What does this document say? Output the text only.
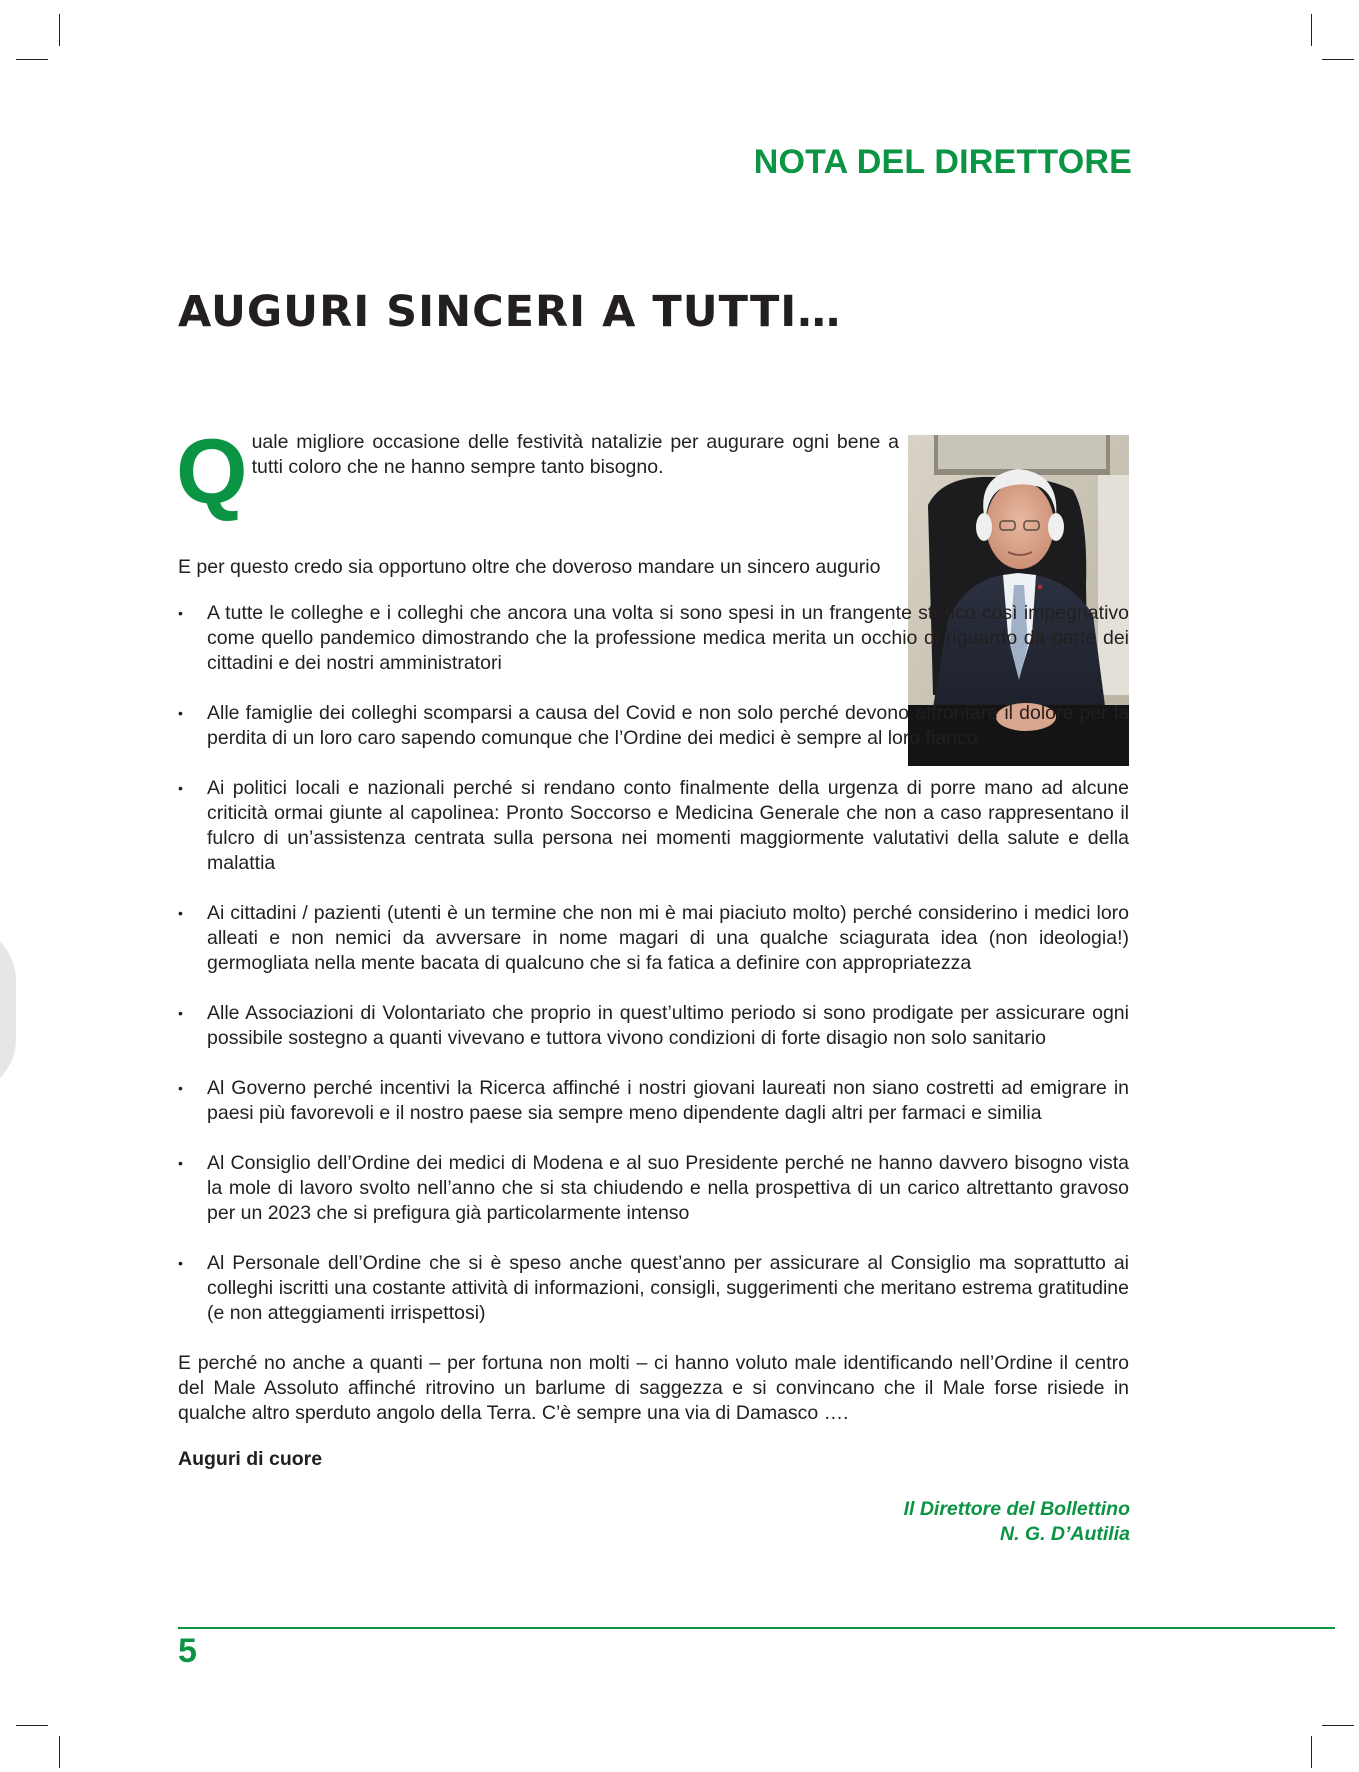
NOTA DEL DIRETTORE
AUGURI SINCERI A TUTTI…
Q uale migliore occasione delle festività natalizie per augurare ogni bene a tutti coloro che ne hanno sempre tanto bisogno.

E per questo credo sia opportuno oltre che doveroso mandare un sincero augurio

• A tutte le colleghe e i colleghi che ancora una volta si sono spesi in un frangente storico così impegnativo come quello pandemico dimostrando che la professione medica merita un occhio di riguardo da parte dei cittadini e dei nostri amministratori
• Alle famiglie dei colleghi scomparsi a causa del Covid e non solo perché devono affrontare il dolore per la perdita di un loro caro sapendo comunque che l’Ordine dei medici è sempre al loro fianco
• Ai politici locali e nazionali perché si rendano conto finalmente della urgenza di porre mano ad alcune criticità ormai giunte al capolinea: Pronto Soccorso e Medicina Generale che non a caso rappresentano il fulcro di un’assistenza centrata sulla persona nei momenti maggiormente valutativi della salute e della malattia
• Ai cittadini / pazienti (utenti è un termine che non mi è mai piaciuto molto) perché considerino i medici loro alleati e non nemici da avversare in nome magari di una qualche sciagurata idea (non ideologia!) germogliata nella mente bacata di qualcuno che si fa fatica a definire con appropriatezza
• Alle Associazioni di Volontariato che proprio in quest’ultimo periodo si sono prodigate per assicurare ogni possibile sostegno a quanti vivevano e tuttora vivono condizioni di forte disagio non solo sanitario
• Al Governo perché incentivi la Ricerca affinché i nostri giovani laureati non siano costretti ad emigrare in paesi più favorevoli e il nostro paese sia sempre meno dipendente dagli altri per farmaci e similia
• Al Consiglio dell’Ordine dei medici di Modena e al suo Presidente perché ne hanno davvero bisogno vista la mole di lavoro svolto nell’anno che si sta chiudendo e nella prospettiva di un carico altrettanto gravoso per un 2023 che si prefigura già particolarmente intenso
• Al Personale dell’Ordine che si è speso anche quest’anno per assicurare al Consiglio ma soprattutto ai colleghi iscritti una costante attività di informazioni, consigli, suggerimenti che meritano estrema gratitudine (e non atteggiamenti irrispettosi)

E perché no anche a quanti – per fortuna non molti – ci hanno voluto male identificando nell’Ordine il centro del Male Assoluto affinché ritrovino un barlume di saggezza e si convincano che il Male forse risiede in qualche altro sperduto angolo della Terra. C’è sempre una via di Damasco ….

Auguri di cuore

Il Direttore del Bollettino
N. G. D’Autilia
5
